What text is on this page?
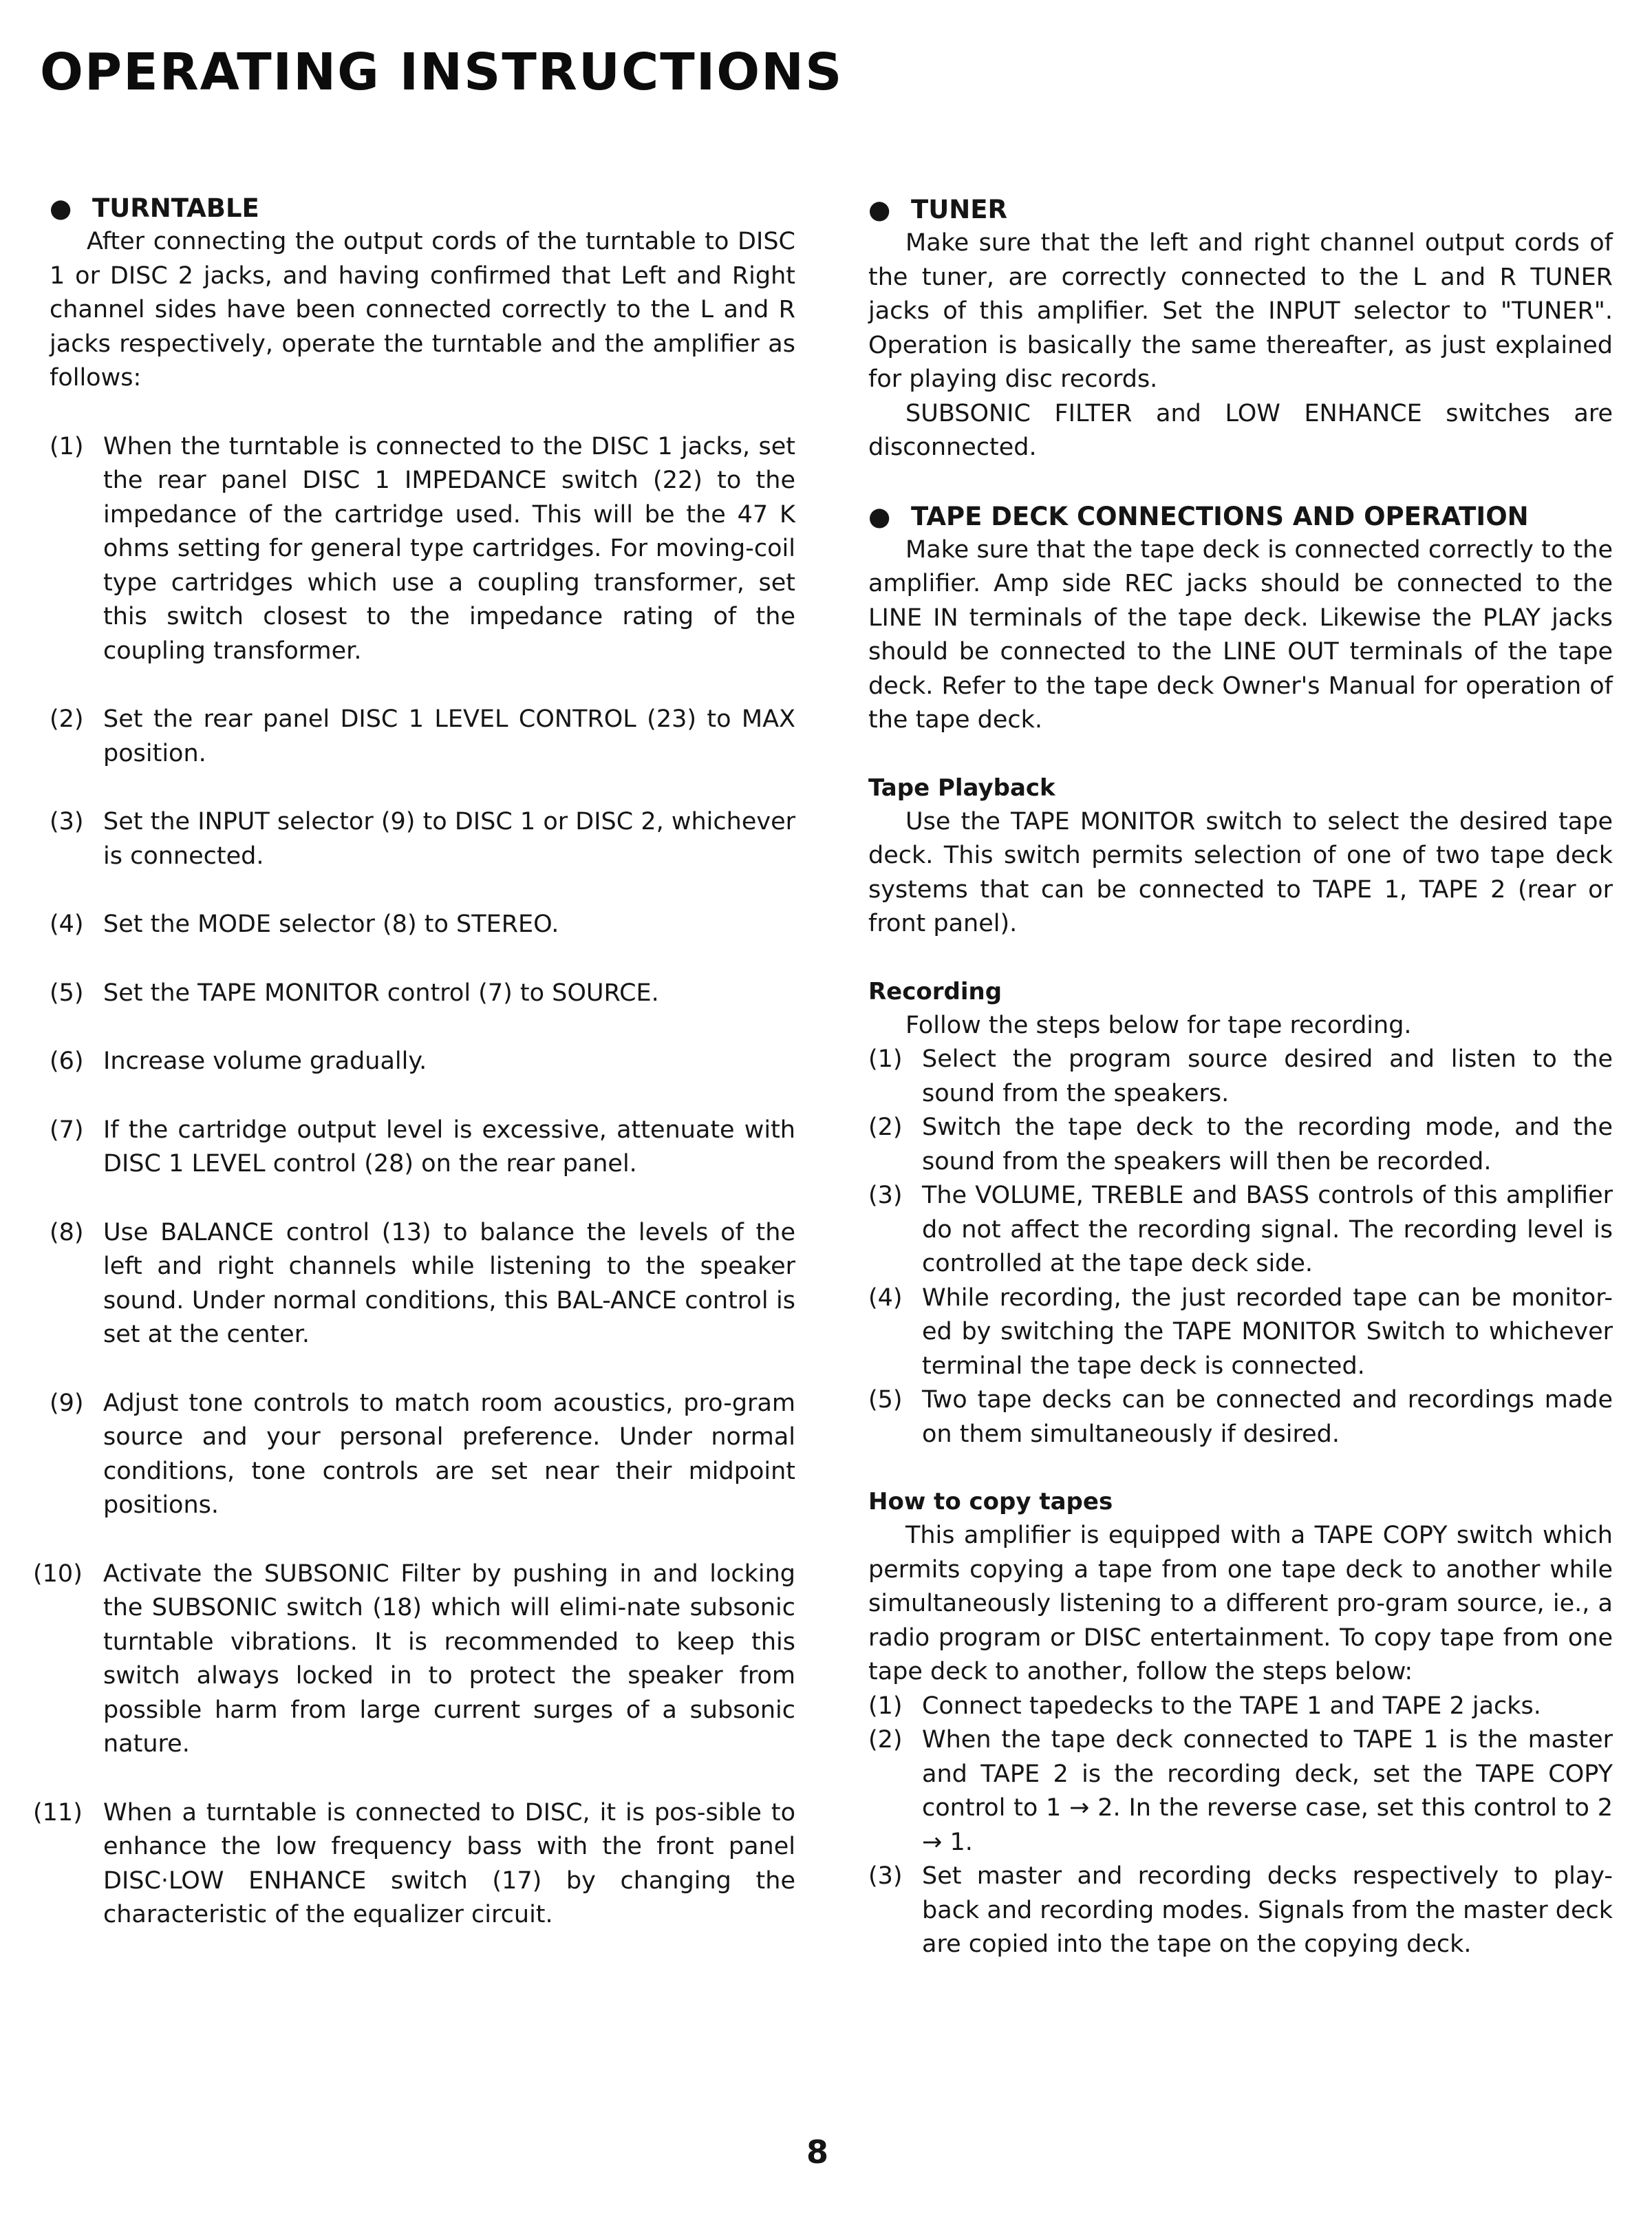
OPERATING INSTRUCTIONS
● TURNTABLE

After connecting the output cords of the turntable to DISC 1 or DISC 2 jacks, and having confirmed that Left and Right channel sides have been connected correctly to the L and R jacks respectively, operate the turntable and the amplifier as follows:

(1) When the turntable is connected to the DISC 1 jacks, set the rear panel DISC 1 IMPEDANCE switch (22) to the impedance of the cartridge used. This will be the 47 K ohms setting for general type cartridges. For moving-coil type cartridges which use a coupling transformer, set this switch closest to the impedance rating of the coupling transformer.
(2) Set the rear panel DISC 1 LEVEL CONTROL (23) to MAX position.
(3) Set the INPUT selector (9) to DISC 1 or DISC 2, whichever is connected.
(4) Set the MODE selector (8) to STEREO.
(5) Set the TAPE MONITOR control (7) to SOURCE.
(6) Increase volume gradually.
(7) If the cartridge output level is excessive, attenuate with DISC 1 LEVEL control (28) on the rear panel.
(8) Use BALANCE control (13) to balance the levels of the left and right channels while listening to the speaker sound. Under normal conditions, this BAL-ANCE control is set at the center.
(9) Adjust tone controls to match room acoustics, pro-gram source and your personal preference. Under normal conditions, tone controls are set near their midpoint positions.
(10) Activate the SUBSONIC Filter by pushing in and locking the SUBSONIC switch (18) which will elimi-nate subsonic turntable vibrations. It is recommended to keep this switch always locked in to protect the speaker from possible harm from large current surges of a subsonic nature.
(11) When a turntable is connected to DISC, it is pos-sible to enhance the low frequency bass with the front panel DISC·LOW ENHANCE switch (17) by changing the characteristic of the equalizer circuit.
● TUNER

Make sure that the left and right channel output cords of the tuner, are correctly connected to the L and R TUNER jacks of this amplifier. Set the INPUT selector to "TUNER". Operation is basically the same thereafter, as just explained for playing disc records.

SUBSONIC FILTER and LOW ENHANCE switches are disconnected.

● TAPE DECK CONNECTIONS AND OPERATION

Make sure that the tape deck is connected correctly to the amplifier. Amp side REC jacks should be connected to the LINE IN terminals of the tape deck. Likewise the PLAY jacks should be connected to the LINE OUT terminals of the tape deck. Refer to the tape deck Owner's Manual for operation of the tape deck.

Tape Playback

Use the TAPE MONITOR switch to select the desired tape deck. This switch permits selection of one of two tape deck systems that can be connected to TAPE 1, TAPE 2 (rear or front panel).

Recording

Follow the steps below for tape recording.

(1) Select the program source desired and listen to the sound from the speakers.
(2) Switch the tape deck to the recording mode, and the sound from the speakers will then be recorded.
(3) The VOLUME, TREBLE and BASS controls of this amplifier do not affect the recording signal. The recording level is controlled at the tape deck side.
(4) While recording, the just recorded tape can be monitor-ed by switching the TAPE MONITOR Switch to whichever terminal the tape deck is connected.
(5) Two tape decks can be connected and recordings made on them simultaneously if desired.
How to copy tapes

This amplifier is equipped with a TAPE COPY switch which permits copying a tape from one tape deck to another while simultaneously listening to a different pro-gram source, ie., a radio program or DISC entertainment. To copy tape from one tape deck to another, follow the steps below:

(1) Connect tapedecks to the TAPE 1 and TAPE 2 jacks.
(2) When the tape deck connected to TAPE 1 is the master and TAPE 2 is the recording deck, set the TAPE COPY control to 1 → 2. In the reverse case, set this control to 2 → 1.
(3) Set master and recording decks respectively to play-back and recording modes. Signals from the master deck are copied into the tape on the copying deck.
8
